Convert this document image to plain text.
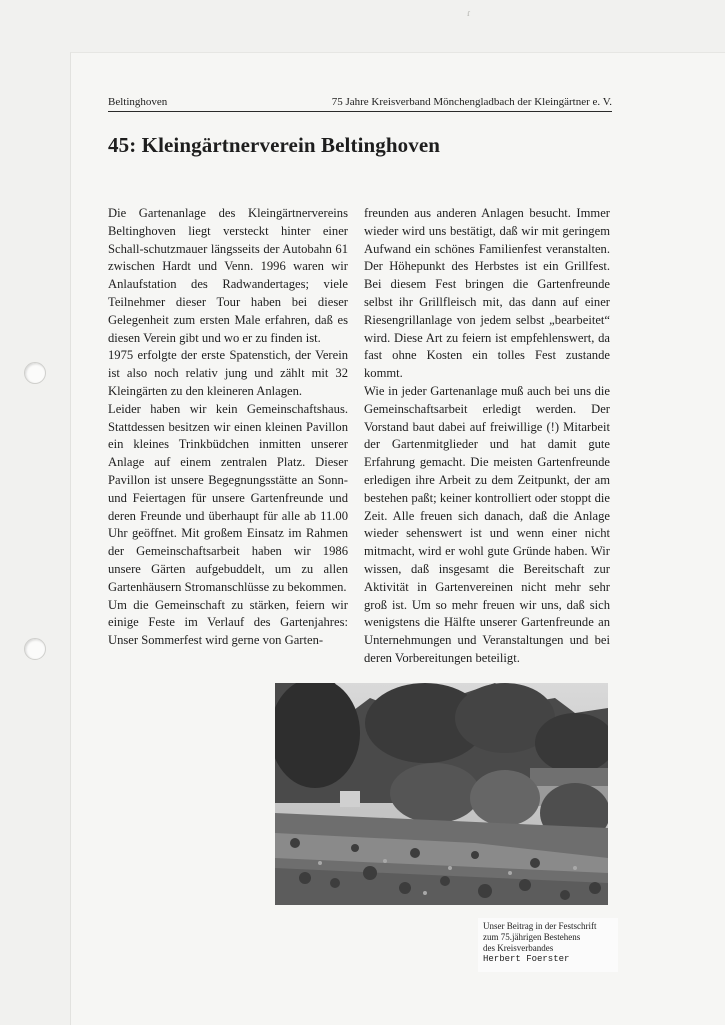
ɾ
Beltinghoven	75 Jahre Kreisverband Mönchengladbach der Kleingärtner e. V.
45: Kleingärtnerverein Beltinghoven

Die Gartenanlage des Kleingärtnervereins Beltinghoven liegt versteckt hinter einer Schall-schutzmauer längsseits der Autobahn 61 zwischen Hardt und Venn. 1996 waren wir Anlaufstation des Radwandertages; viele Teilnehmer dieser Tour haben bei dieser Gelegenheit zum ersten Male erfahren, daß es diesen Verein gibt und wo er zu finden ist.

1975 erfolgte der erste Spatenstich, der Verein ist also noch relativ jung und zählt mit 32 Kleingärten zu den kleineren Anlagen.

Leider haben wir kein Gemeinschaftshaus. Stattdessen besitzen wir einen kleinen Pavillon ein kleines Trinkbüdchen inmitten unserer Anlage auf einem zentralen Platz. Dieser Pavillon ist unsere Begegnungsstätte an Sonn- und Feiertagen für unsere Gartenfreunde und deren Freunde und überhaupt für alle ab 11.00 Uhr geöffnet. Mit großem Einsatz im Rahmen der Gemeinschaftsarbeit haben wir 1986 unsere Gärten aufgebuddelt, um zu allen Gartenhäusern Stromanschlüsse zu bekommen.

Um die Gemeinschaft zu stärken, feiern wir einige Feste im Verlauf des Gartenjahres: Unser Sommerfest wird gerne von Garten-

freunden aus anderen Anlagen besucht. Immer wieder wird uns bestätigt, daß wir mit geringem Aufwand ein schönes Familienfest veranstalten. Der Höhepunkt des Herbstes ist ein Grillfest. Bei diesem Fest bringen die Gartenfreunde selbst ihr Grillfleisch mit, das dann auf einer Riesengrillanlage von jedem selbst „bearbeitet“ wird. Diese Art zu feiern ist empfehlenswert, da fast ohne Kosten ein tolles Fest zustande kommt.

Wie in jeder Gartenanlage muß auch bei uns die Gemeinschaftsarbeit erledigt werden. Der Vorstand baut dabei auf freiwillige (!) Mitarbeit der Gartenmitglieder und hat damit gute Erfahrung gemacht. Die meisten Gartenfreunde erledigen ihre Arbeit zu dem Zeitpunkt, der am bestehen paßt; keiner kontrolliert oder stoppt die Zeit. Alle freuen sich danach, daß die Anlage wieder sehenswert ist und wenn einer nicht mitmacht, wird er wohl gute Gründe haben. Wir wissen, daß insgesamt die Bereitschaft zur Aktivität in Gartenvereinen nicht mehr sehr groß ist. Um so mehr freuen wir uns, daß sich wenigstens die Hälfte unserer Gartenfreunde an Unternehmungen und Veranstaltungen und bei deren Vorbereitungen beteiligt.

Unser Beitrag in der Festschrift
zum 75.jährigen Bestehens
des Kreisverbandes
Herbert Foerster
